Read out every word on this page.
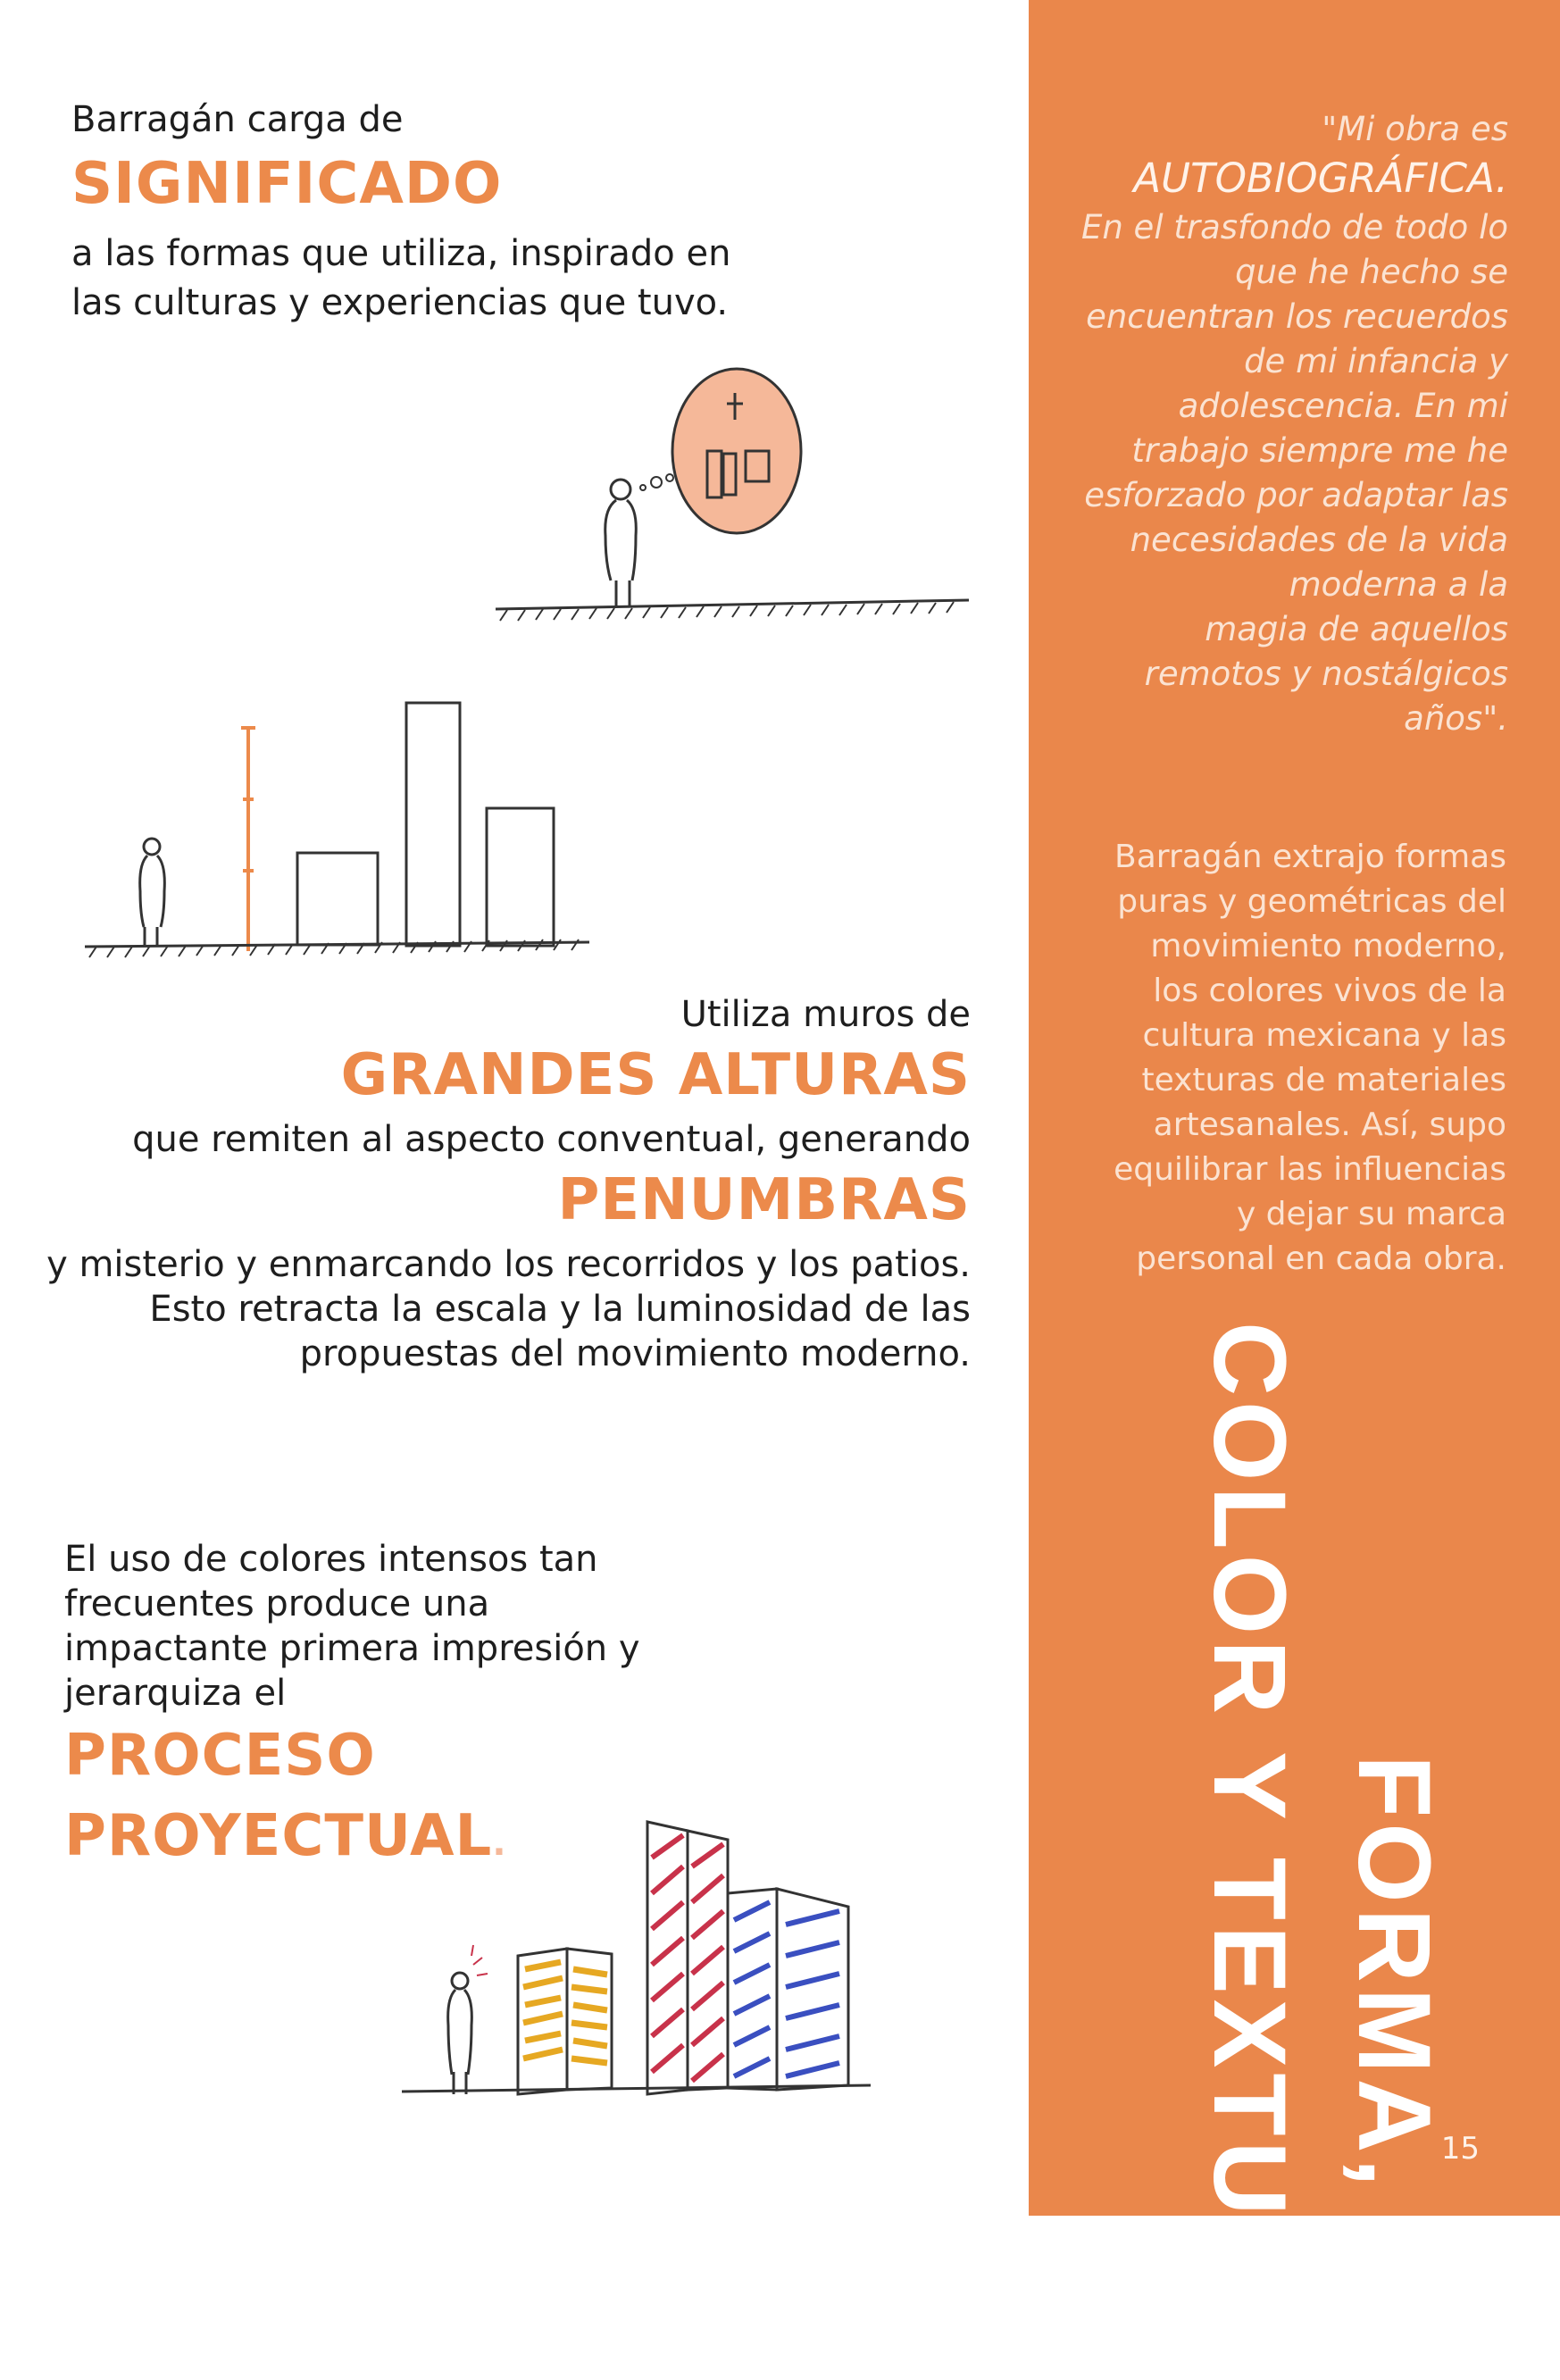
Barragán carga de
SIGNIFICADO
a las formas que utiliza, inspirado en
las culturas y experiencias que tuvo.
Utiliza muros de
GRANDES ALTURAS
que remiten al aspecto conventual, generando
PENUMBRAS
y misterio y enmarcando los recorridos y los patios.
Esto retracta la escala y la luminosidad de las
propuestas del movimiento moderno.
El uso de colores intensos tan
frecuentes produce una
impactante primera impresión y
jerarquiza el
PROCESO
PROYECTUAL.
"Mi obra es
AUTOBIOGRÁFICA.
En el trasfondo de todo lo
que he hecho se
encuentran los recuerdos
de mi infancia y
adolescencia. En mi
trabajo siempre me he
esforzado por adaptar las
necesidades de la vida
moderna a la
magia de aquellos
remotos y nostálgicos
años".
Barragán extrajo formas
puras y geométricas del
movimiento moderno,
los colores vivos de la
cultura mexicana y las
texturas de materiales
artesanales. Así, supo
equilibrar las influencias
y dejar su marca
personal en cada obra.
FORMA,
COLOR Y TEXTURA	15
